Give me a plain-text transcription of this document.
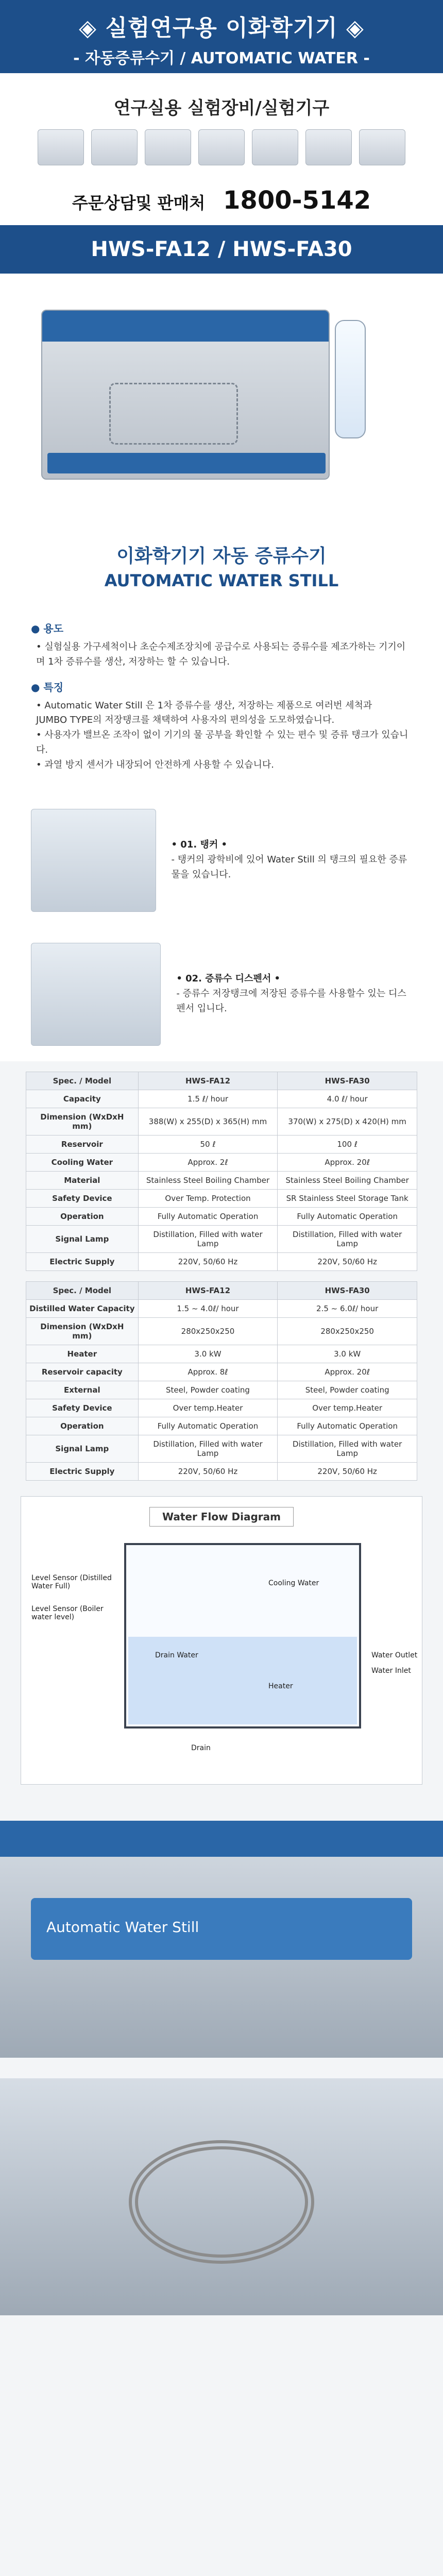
◈ 실험연구용 이화학기기 ◈
- 자동증류수기 / AUTOMATIC WATER -
연구실용 실험장비/실험기구
주문상담및 판매처 1800-5142
HWS-FA12 / HWS-FA30
이화학기기 자동 증류수기
AUTOMATIC WATER STILL
● 용도

• 실험실용 가구세척이나 초순수제조장치에 공급수로 사용되는 증류수를 제조가하는 기기이며 1차 증류수를 생산, 저장하는 할 수 있습니다.

● 특징

• Automatic Water Still 은 1차 증류수를 생산, 저장하는 제품으로 여러번 세척과

JUMBO TYPE의 저장탱크를 채택하여 사용자의 편의성을 도모하였습니다.

• 사용자가 밸브온 조작이 없이 기기의 물 공부을 확인할 수 있는 편수 및 증류 탱크가 있습니다.

• 과열 방지 센서가 내장되어 안전하게 사용할 수 있습니다.

• 01. 탱커 •

- 탱커의 광학비에 있어 Water Still 의 탱크의 필요한 증류 물을 있습니다.

• 02. 증류수 디스펜서 •

- 증류수 저장탱크에 저장된 증류수를 사용할수 있는 디스펜서 입니다.

Spec. / Model	HWS-FA12	HWS-FA30
Capacity	1.5 ℓ/ hour	4.0 ℓ/ hour
Dimension (WxDxH mm)	388(W) x 255(D) x 365(H) mm	370(W) x 275(D) x 420(H) mm
Reservoir	50 ℓ	100 ℓ
Cooling Water	Approx. 2ℓ	Approx. 20ℓ
Material	Stainless Steel Boiling Chamber	Stainless Steel Boiling Chamber
Safety Device	Over Temp. Protection	SR Stainless Steel Storage Tank
Operation	Fully Automatic Operation	Fully Automatic Operation
Signal Lamp	Distillation, Filled with water Lamp	Distillation, Filled with water Lamp
Electric Supply	220V, 50/60 Hz	220V, 50/60 Hz
Spec. / Model	HWS-FA12	HWS-FA30
Distilled Water Capacity	1.5 ~ 4.0ℓ/ hour	2.5 ~ 6.0ℓ/ hour
Dimension (WxDxH mm)	280x250x250	280x250x250
Heater	3.0 kW	3.0 kW
Reservoir capacity	Approx. 8ℓ	Approx. 20ℓ
External	Steel, Powder coating	Steel, Powder coating
Safety Device	Over temp.Heater	Over temp.Heater
Operation	Fully Automatic Operation	Fully Automatic Operation
Signal Lamp	Distillation, Filled with water Lamp	Distillation, Filled with water Lamp
Electric Supply	220V, 50/60 Hz	220V, 50/60 Hz
Water Flow Diagram
Level Sensor (Distilled Water Full)
Level Sensor (Boiler water level)
Drain Water
Cooling Water
Heater
Water Outlet
Water Inlet
Drain
Automatic Water Still
